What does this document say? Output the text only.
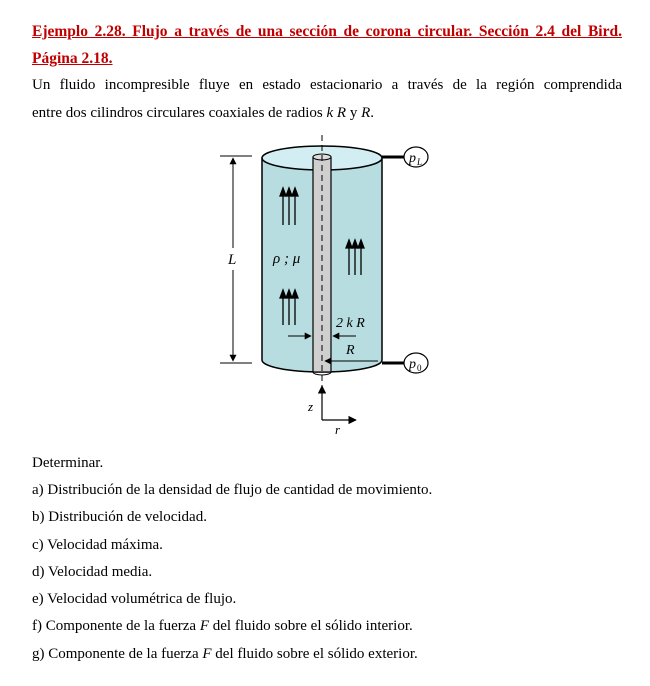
Ejemplo 2.28. Flujo a través de una sección de corona circular. Sección 2.4 del Bird.
Página 2.18.
Un fluido incompresible fluye en estado estacionario a través de la región comprendida
entre dos cilindros circulares coaxiales de radios k R y R.
p L
p 0
L ρ ; μ
2 k R
R
z
r
Determinar.
a) Distribución de la densidad de flujo de cantidad de movimiento.
b) Distribución de velocidad.
c) Velocidad máxima.
d) Velocidad media.
e) Velocidad volumétrica de flujo.
f) Componente de la fuerza F del fluido sobre el sólido interior.
g) Componente de la fuerza F del fluido sobre el sólido exterior.
